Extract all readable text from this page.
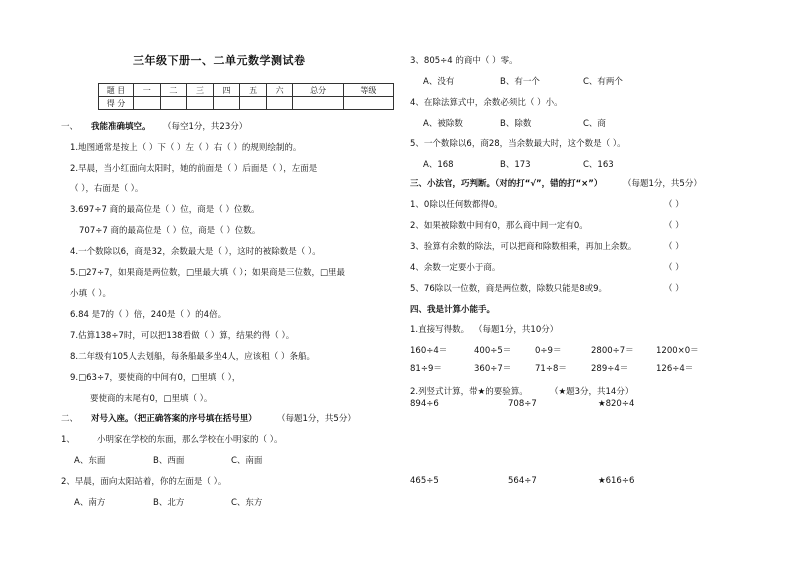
三年级下册一、二单元数学测试卷
题 目	一	二	三	四	五	六	总分	等级
得 分								
一、 我能准确填空。 （每空1分，共23分）
1.地图通常是按上（ ）下（ ）左（ ）右（ ）的规则绘制的。
2.早晨，当小红面向太阳时，她的前面是（ ）后面是（ ），左面是
（ ），右面是（ ）。
3.697÷7 商的最高位是（ ）位，商是（ ）位数。
707÷7 商的最高位是（ ）位，商是（ ）位数。
4.一个数除以6，商是32，余数最大是（ ），这时的被除数是（ ）。
5.□27÷7，如果商是两位数，□里最大填（ ）；如果商是三位数，□里最
小填（ ）。
6.84 是7的（ ）倍，240是（ ）的4倍。
7.估算138÷7时，可以把138看做（ ）算，结果约得（ ）。
8.二年级有105人去划船，每条船最多坐4人，应该租（ ）条船。
9.□63÷7，要使商的中间有0，□里填（ ），
要使商的末尾有0，□里填（ ）。
二、 对号入座。（把正确答案的序号填在括号里） （每题1分，共5分）
1、	小明家在学校的东面，那么学校在小明家的（ ）。
A、东面	B、西面	C、南面
2、早晨，面向太阳站着，你的左面是（ ）。
A、南方	B、北方	C、东方
3、805÷4 的商中（ ）零。
A、没有	B、有一个	C、有两个
4、在除法算式中，余数必须比（ ）小。
A、被除数	B、除数	C、商
5、一个数除以6，商28，当余数最大时，这个数是（ ）。
A、168	B、173	C、163
三、小法官，巧判断。（对的打“√”，错的打“×”） （每题1分，共5分）
1、0除以任何数都得0。	（ ）
2、如果被除数中间有0，那么商中间一定有0。	（ ）
3、验算有余数的除法，可以把商和除数相乘，再加上余数。	（ ）
4、余数一定要小于商。	（ ）
5、76除以一位数，商是两位数，除数只能是8或9。	（ ）
四、我是计算小能手。
1.直接写得数。 （每题1分，共10分）
160÷4＝	400÷5＝	0÷9＝	2800÷7＝	1200×0＝
81÷9＝	360÷7＝	71÷8＝	289÷4＝	126÷4＝
2.列竖式计算，带★的要验算。	（★题3分，共14分）
894÷6	708÷7	★820÷4
465÷5	564÷7	★616÷6
